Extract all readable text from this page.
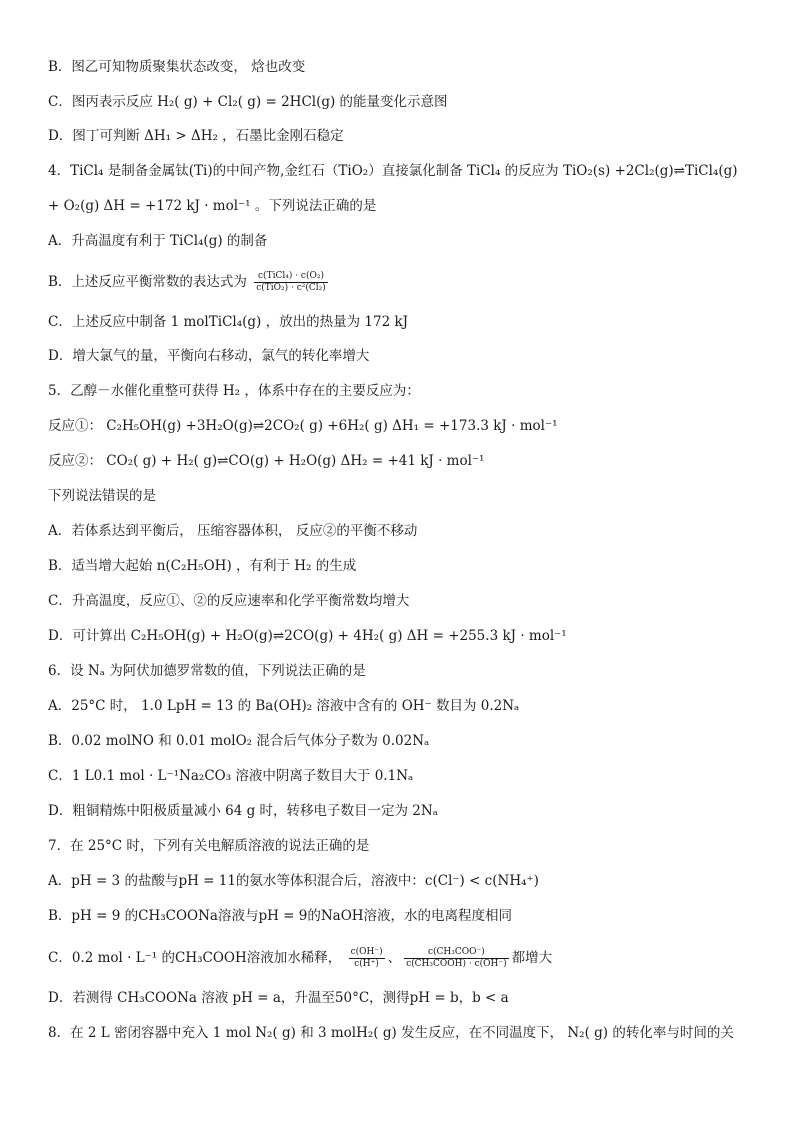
B．图乙可知物质聚集状态改变， 焓也改变
C．图丙表示反应 H₂( g) + Cl₂( g) = 2HCl(g) 的能量变化示意图
D．图丁可判断 ΔH₁ > ΔH₂ ，石墨比金刚石稳定
4．TiCl₄ 是制备金属钛(Ti)的中间产物,金红石（TiO₂）直接氯化制备 TiCl₄ 的反应为 TiO₂(s) +2Cl₂(g)⇌TiCl₄(g)
+ O₂(g) ΔH = +172 kJ · mol⁻¹ 。下列说法正确的是
A．升高温度有利于 TiCl₄(g) 的制备
B．上述反应平衡常数的表达式为 $\frac{\text{c(TiCl₄) · c(O₂)}}{\text{c(TiO₂) · c²(Cl₂)}}$
C．上述反应中制备 1 molTiCl₄(g) ，放出的热量为 172 kJ
D．增大氯气的量，平衡向右移动，氯气的转化率增大
5．乙醇－水催化重整可获得 H₂ ，体系中存在的主要反应为：
反应①： C₂H₅OH(g) +3H₂O(g)⇌2CO₂( g) +6H₂( g) ΔH₁ = +173.3 kJ · mol⁻¹
反应②： CO₂( g) + H₂( g)⇌CO(g) + H₂O(g) ΔH₂ = +41 kJ · mol⁻¹
下列说法错误的是
A．若体系达到平衡后， 压缩容器体积， 反应②的平衡不移动
B．适当增大起始 n(C₂H₅OH) ，有利于 H₂ 的生成
C．升高温度，反应①、②的反应速率和化学平衡常数均增大
D．可计算出 C₂H₅OH(g) + H₂O(g)⇌2CO(g) + 4H₂( g) ΔH = +255.3 kJ · mol⁻¹
6．设 Nₐ 为阿伏加德罗常数的值，下列说法正确的是
A．25°C 时， 1.0 LpH = 13 的 Ba(OH)₂ 溶液中含有的 OH⁻ 数目为 0.2Nₐ
B．0.02 molNO 和 0.01 molO₂ 混合后气体分子数为 0.02Nₐ
C．1 L0.1 mol · L⁻¹Na₂CO₃ 溶液中阴离子数目大于 0.1Nₐ
D．粗铜精炼中阳极质量减小 64 g 时，转移电子数目一定为 2Nₐ
7．在 25°C 时，下列有关电解质溶液的说法正确的是
A．pH = 3 的盐酸与pH = 11的氨水等体积混合后，溶液中：c(Cl⁻) < c(NH₄⁺)
B．pH = 9 的CH₃COONa溶液与pH = 9的NaOH溶液，水的电离程度相同
C．0.2 mol · L⁻¹ 的CH₃COOH溶液加水稀释， $\frac{c(OH^-)}{c(H^+)}$ 、 $\frac{\text{c(CH₃COO⁻)}}{\text{c(CH₃COOH) · c(OH⁻)}}$ 都增大
D．若测得 CH₃COONa 溶液 pH = a，升温至50°C，测得pH = b，b < a
8．在 2 L 密闭容器中充入 1 mol N₂( g) 和 3 molH₂( g) 发生反应，在不同温度下， N₂( g) 的转化率与时间的关
